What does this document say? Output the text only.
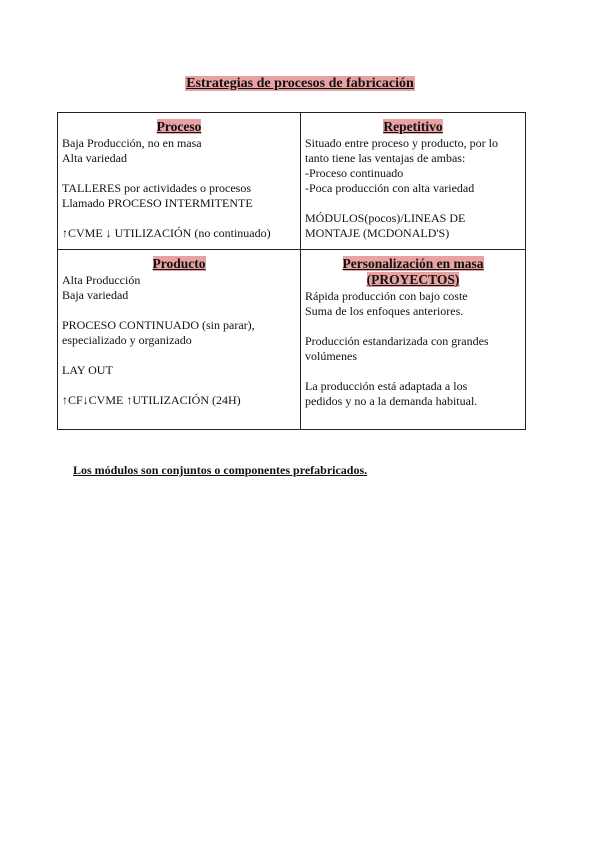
Estrategias de procesos de fabricación
Proceso
Baja Producción, no en masa
Alta variedad
TALLERES por actividades o procesos
Llamado PROCESO INTERMITENTE
↑CVME ↓ UTILIZACIÓN (no continuado)
Repetitivo
Situado entre proceso y producto, por lo
tanto tiene las ventajas de ambas:
-Proceso continuado
-Poca producción con alta variedad
MÓDULOS(pocos)/LINEAS DE
MONTAJE (MCDONALD'S)
Producto
Alta Producción
Baja variedad
PROCESO CONTINUADO (sin parar),
especializado y organizado
LAY OUT
↑CF↓CVME ↑UTILIZACIÓN (24H)
Personalización en masa
(PROYECTOS)
Rápida producción con bajo coste
Suma de los enfoques anteriores.
Producción estandarizada con grandes
volúmenes
La producción está adaptada a los
pedidos y no a la demanda habitual.
Los módulos son conjuntos o componentes prefabricados.
